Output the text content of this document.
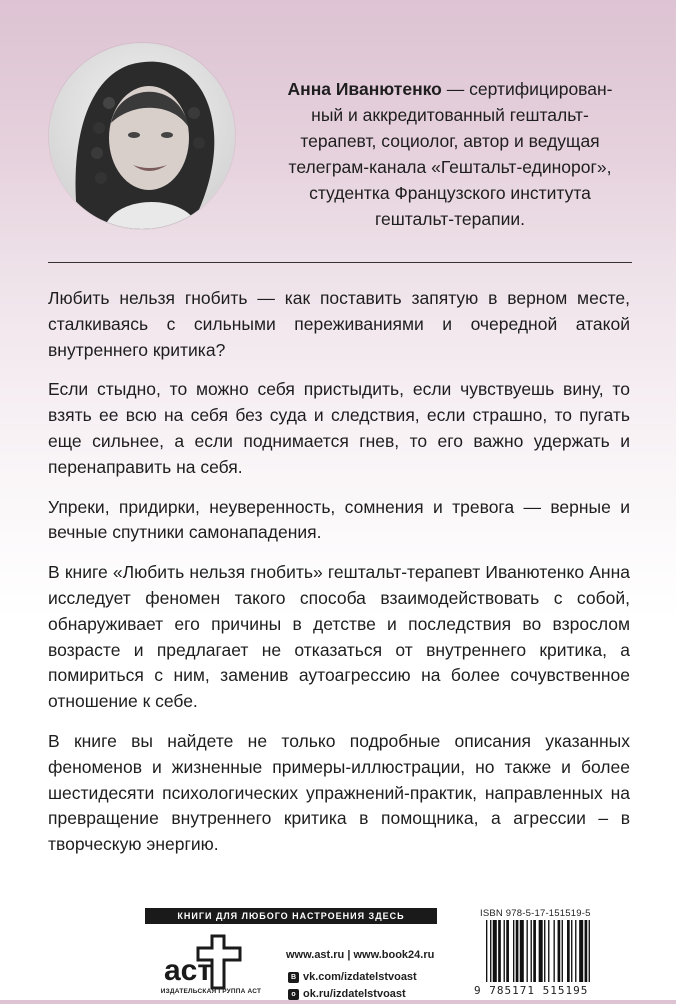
Анна Иванютенко — сертифицирован-
ный и аккредитованный гештальт-
терапевт, социолог, автор и ведущая
телеграм-канала «Гештальт-единорог»,
студентка Французского института
гештальт-терапии.

Любить нельзя гнобить — как поставить запятую в верном месте, сталкиваясь с сильными переживаниями и очередной атакой внутреннего критика?

Если стыдно, то можно себя пристыдить, если чувствуешь вину, то взять ее всю на себя без суда и следствия, если страшно, то пугать еще сильнее, а если поднимается гнев, то его важно удержать и перенаправить на себя.

Упреки, придирки, неуверенность, сомнения и тревога — верные и вечные спутники самонападения.

В книге «Любить нельзя гнобить» гештальт-терапевт Иванютенко Анна исследует феномен такого способа взаимодействовать с собой, обнаруживает его причины в детстве и последствия во взрослом возрасте и предлагает не отказаться от внутреннего критика, а помириться с ним, заменив аутоагрессию на более сочувственное отношение к себе.

В книге вы найдете не только подробные описания указанных феноменов и жизненные примеры-иллюстрации, но также и более шестидесяти психологических упражнений-практик, направленных на превращение внутреннего критика в помощника, а агрессии – в творческую энергию.

КНИГИ ДЛЯ ЛЮБОГО НАСТРОЕНИЯ ЗДЕСЬ
аст
ИЗДАТЕЛЬСКАЯ ГРУППА АСТ
www.ast.ru | www.book24.ru
B vk.com/izdatelstvoast
o ok.ru/izdatelstvoast
ISBN 978-5-17-151519-5
9 785171 515195
